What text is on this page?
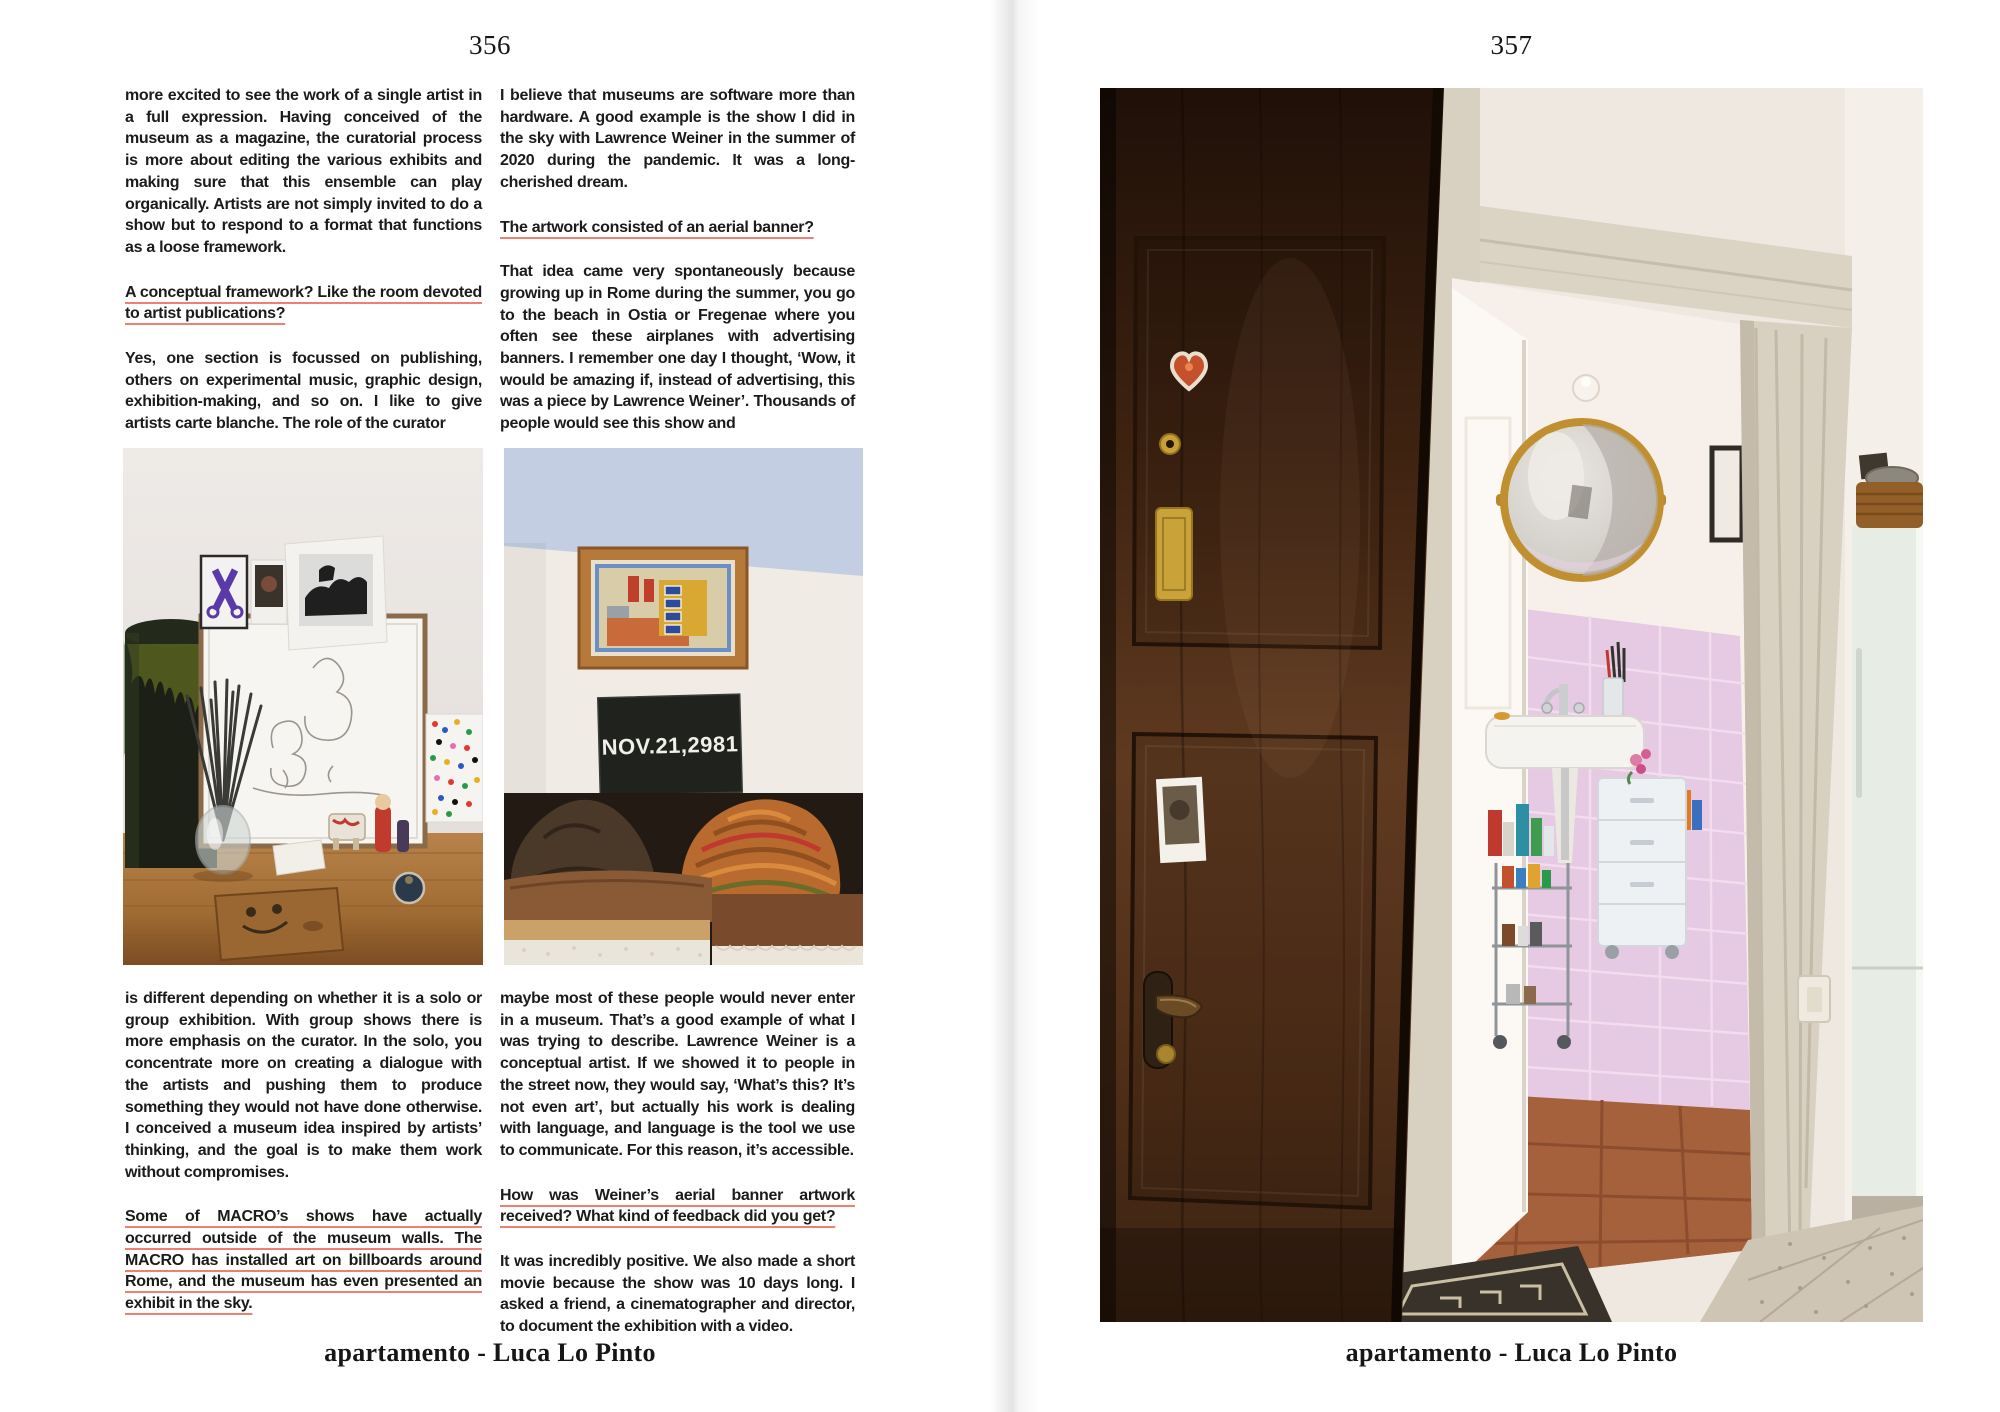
356

more excited to see the work of a single artist in a full expression. Having conceived of the museum as a magazine, the curatorial process is more about editing the various exhibits and making sure that this ensemble can play organically. Artists are not simply invited to do a show but to respond to a format that functions as a loose framework.

A conceptual framework? Like the room devoted to artist publications?

Yes, one section is focussed on publishing, others on experimental music, graphic design, exhibition-making, and so on. I like to give artists carte blanche. The role of the curator

I believe that museums are software more than hardware. A good example is the show I did in the sky with Lawrence Weiner in the summer of 2020 during the pandemic. It was a long-cherished dream.

The artwork consisted of an aerial banner?

That idea came very spontaneously because growing up in Rome during the summer, you go to the beach in Ostia or Fregenae where you often see these airplanes with advertising banners. I remember one day I thought, ‘Wow, it would be amazing if, instead of advertising, this was a piece by Lawrence Weiner’. Thousands of people would see this show and

NOV.21,2981

is different depending on whether it is a solo or group exhibition. With group shows there is more emphasis on the curator. In the solo, you concentrate more on creating a dialogue with the artists and pushing them to produce something they would not have done otherwise. I conceived a museum idea inspired by artists’ thinking, and the goal is to make them work without compromises.

Some of MACRO’s shows have actually occurred outside of the museum walls. The MACRO has installed art on billboards around Rome, and the museum has even presented an exhibit in the sky.

maybe most of these people would never enter in a museum. That’s a good example of what I was trying to describe. Lawrence Weiner is a conceptual artist. If we showed it to people in the street now, they would say, ‘What’s this? It’s not even art’, but actually his work is dealing with language, and language is the tool we use to communicate. For this reason, it’s accessible.

How was Weiner’s aerial banner artwork received? What kind of feedback did you get?

It was incredibly positive. We also made a short movie because the show was 10 days long. I asked a friend, a cinematographer and director, to document the exhibition with a video.

apartamento - Luca Lo Pinto
357
apartamento - Luca Lo Pinto
